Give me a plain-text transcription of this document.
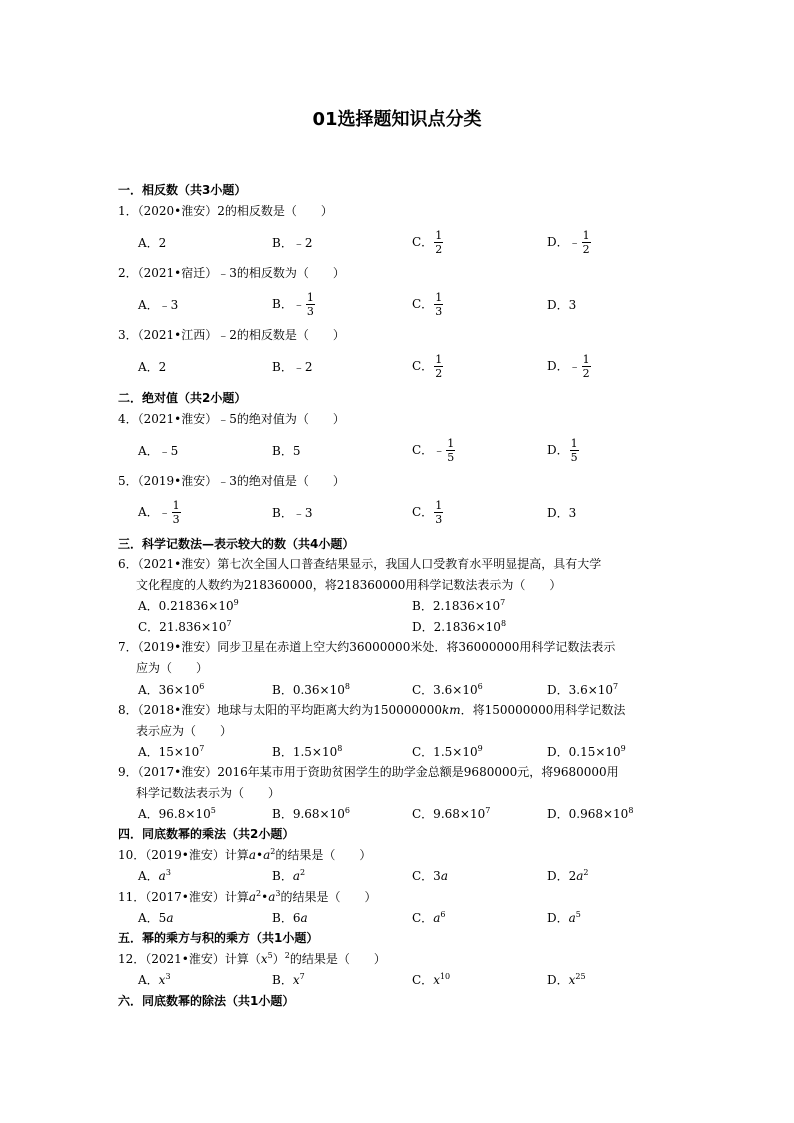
01选择题知识点分类
一．相反数（共3小题）
1．（2020•淮安）2的相反数是（　　）
A．2	B．﹣2	C． $\frac{1}{2}$	D．﹣ $\frac{1}{2}$
2．（2021•宿迁）﹣3的相反数为（　　）
A．﹣3	B．﹣ $\frac{1}{3}$	C． $\frac{1}{3}$	D．3
3．（2021•江西）﹣2的相反数是（　　）
A．2	B．﹣2	C． $\frac{1}{2}$	D．﹣ $\frac{1}{2}$
二．绝对值（共2小题）
4．（2021•淮安）﹣5的绝对值为（　　）
A．﹣5	B．5	C．﹣ $\frac{1}{5}$	D． $\frac{1}{5}$
5．（2019•淮安）﹣3的绝对值是（　　）
A．﹣ $\frac{1}{3}$	B．﹣3	C． $\frac{1}{3}$	D．3
三．科学记数法—表示较大的数（共4小题）
6．（2021•淮安）第七次全国人口普查结果显示，我国人口受教育水平明显提高，具有大学
文化程度的人数约为218360000，将218360000用科学记数法表示为（　　）
A．$0.21836\times 10^9$	B．$2.1836\times 10^7$
C．$21.836\times 10^7$	D．$2.1836\times 10^8$
7．（2019•淮安）同步卫星在赤道上空大约36000000米处．将36000000用科学记数法表示
应为（　　）
A．$36\times 10^6$	B．$0.36\times 10^8$	C．$3.6\times 10^6$	D．$3.6\times 10^7$
8．（2018•淮安）地球与太阳的平均距离大约为150000000km．将150000000用科学记数法
表示应为（　　）
A．$15\times 10^7$	B．$1.5\times 10^8$	C．$1.5\times 10^9$	D．$0.15\times 10^9$
9．（2017•淮安）2016年某市用于资助贫困学生的助学金总额是9680000元，将9680000用
科学记数法表示为（　　）
A．$96.8\times 10^5$	B．$9.68\times 10^6$	C．$9.68\times 10^7$	D．$0.968\times 10^8$
四．同底数幂的乘法（共2小题）
10．（2019•淮安）计算$a•a^2$的结果是（　　）
A．$a^3$	B．$a^2$	C．3a	D．$2a^2$
11．（2017•淮安）计算$a^2•a^3$的结果是（　　）
A．5a	B．6a	C．$a^6$	D．$a^5$
五．幂的乘方与积的乘方（共1小题）
12．（2021•淮安）计算$(x^5)^2$的结果是（　　）
A．$x^3$	B．$x^7$	C．$x^{10}$	D．$x^{25}$
六．同底数幂的除法（共1小题）
